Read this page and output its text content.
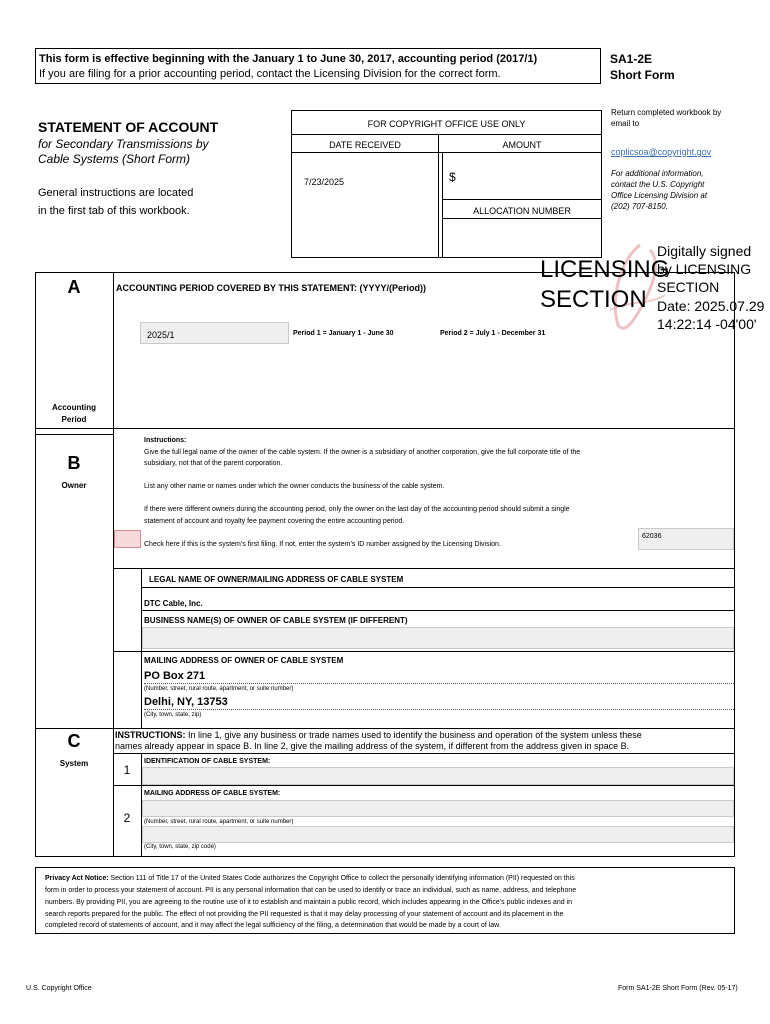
This form is effective beginning with the January 1 to June 30, 2017, accounting period (2017/1)
If you are filing for a prior accounting period, contact the Licensing Division for the correct form.
SA1-2E
Short Form
STATEMENT OF ACCOUNT
for Secondary Transmissions by
Cable Systems (Short Form)
General instructions are located
in the first tab of this workbook.
FOR COPYRIGHT OFFICE USE ONLY
DATE RECEIVED	AMOUNT
7/23/2025	$
ALLOCATION NUMBER
Return completed workbook by email to
coplicsoa@copyright.gov
For additional information,
contact the U.S. Copyright
Office Licensing Division at
(202) 707-8150.
A
Accounting
Period
ACCOUNTING PERIOD COVERED BY THIS STATEMENT: (YYYY/(Period))
2025/1	Period 1 = January 1 - June 30	Period 2 = July 1 - December 31
B
Owner
Instructions:
Give the full legal name of the owner of the cable system. If the owner is a subsidiary of another corporation, give the full corporate title of the
subsidiary, not that of the parent corporation.
List any other name or names under which the owner conducts the business of the cable system.
If there were different owners during the accounting period, only the owner on the last day of the accounting period should submit a single
statement of account and royalty fee payment covering the entire accounting period.
Check here if this is the system’s first filing. If not, enter the system’s ID number assigned by the Licensing Division.
62036
LEGAL NAME OF OWNER/MAILING ADDRESS OF CABLE SYSTEM
DTC Cable, Inc.
BUSINESS NAME(S) OF OWNER OF CABLE SYSTEM (IF DIFFERENT)
MAILING ADDRESS OF OWNER OF CABLE SYSTEM
PO Box 271
(Number, street, rural route, apartment, or suite number)
Delhi, NY, 13753
(City, town, state, zip)
C
System
INSTRUCTIONS: In line 1, give any business or trade names used to identify the business and operation of the system unless these
names already appear in space B. In line 2, give the mailing address of the system, if different from the address given in space B.
1
IDENTIFICATION OF CABLE SYSTEM:
MAILING ADDRESS OF CABLE SYSTEM:
2	(Number, street, rural route, apartment, or suite number)
(City, town, state, zip code)
Privacy Act Notice: Section 111 of Title 17 of the United States Code authorizes the Copyright Office to collect the personally identifying information (PII) requested on this
form in order to process your statement of account. PII is any personal information that can be used to identify or trace an individual, such as name, address, and telephone
numbers. By providing PII, you are agreeing to the routine use of it to establish and maintain a public record, which includes appearing in the Office’s public indexes and in
search reports prepared for the public. The effect of not providing the PII requested is that it may delay processing of your statement of account and its placement in the
completed record of statements of account, and it may affect the legal sufficiency of the filing, a determination that would be made by a court of law.
U.S. Copyright Office	Form SA1-2E Short Form (Rev. 05-17)
LICENSING
SECTION
Digitally signed
by LICENSING
SECTION
Date: 2025.07.29
14:22:14 -04'00'
